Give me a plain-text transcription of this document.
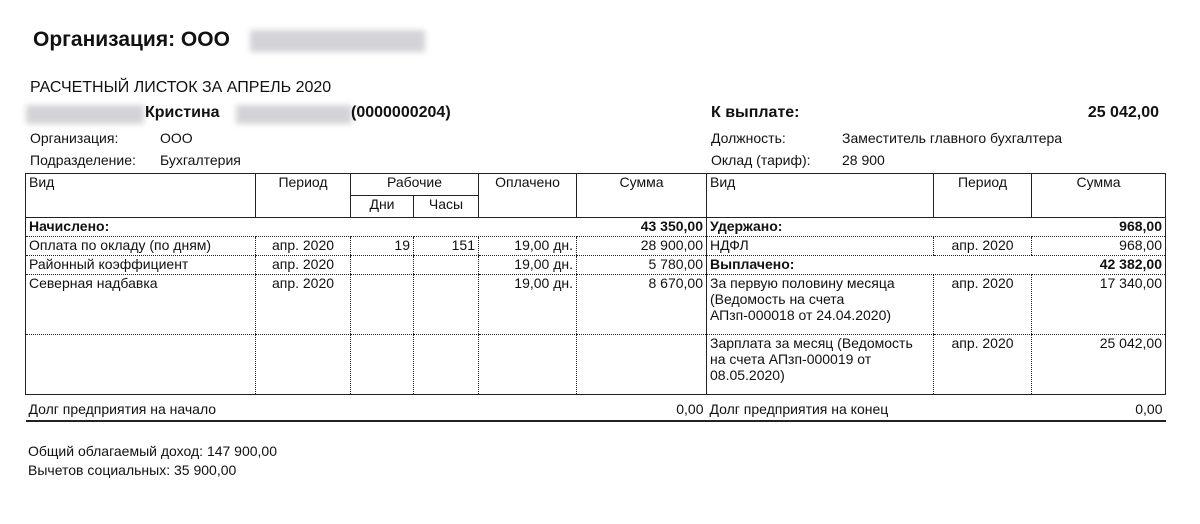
Организация: ООО
РАСЧЕТНЫЙ ЛИСТОК ЗА АПРЕЛЬ 2020
Кристина	(0000000204)	К выплате:	25 042,00
Организация:	ООО
Подразделение: Бухгалтерия
Должность:	Заместитель главного бухгалтера
Оклад (тариф): 28 900
Вид	Период	Рабочие		Оплачено	Сумма	Вид	Период	Сумма
		Дни	Часы					
Начислено:					43 350,00	Удержано:		968,00
Оплата по окладу (по дням)	апр. 2020	19	151	19,00 дн.	28 900,00	НДФЛ	апр. 2020	968,00
Районный коэффициент	апр. 2020			19,00 дн.	5 780,00	Выплачено:		42 382,00
Северная надбавка	апр. 2020			19,00 дн.	8 670,00	За первую половину месяца (Ведомость на счета АПзп-000018 от 24.04.2020)	апр. 2020	17 340,00
						Зарплата за месяц (Ведомость на счета АПзп-000019 от 08.05.2020)	апр. 2020	25 042,00

Долг предприятия на начало					0,00	Долг предприятия на конец		0,00

Общий облагаемый доход: 147 900,00
Вычетов социальных: 35 900,00
